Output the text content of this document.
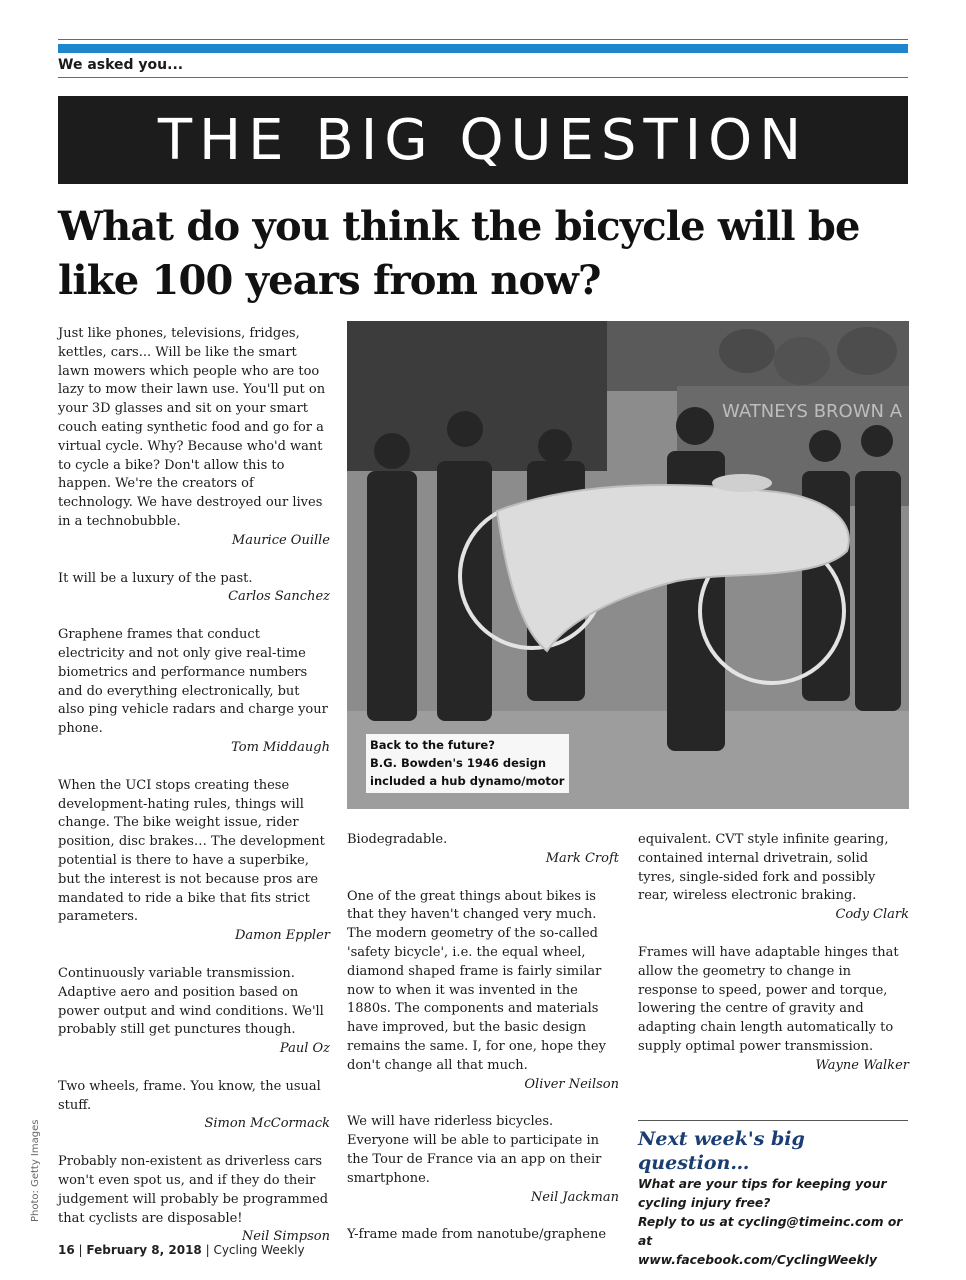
We asked you...
THE BIG QUESTION
What do you think the bicycle will be
like 100 years from now?

Just like phones, televisions, fridges, kettles, cars... Will be like the smart lawn mowers which people who are too lazy to mow their lawn use. You'll put on your 3D glasses and sit on your smart couch eating synthetic food and go for a virtual cycle. Why? Because who'd want to cycle a bike? Don't allow this to happen. We're the creators of technology. We have destroyed our lives in a technobubble.

Maurice Ouille

It will be a luxury of the past.

Carlos Sanchez

Graphene frames that conduct electricity and not only give real-time biometrics and performance numbers and do everything electronically, but also ping vehicle radars and charge your phone.

Tom Middaugh

When the UCI stops creating these development-hating rules, things will change. The bike weight issue, rider position, disc brakes… The development potential is there to have a superbike, but the interest is not because pros are mandated to ride a bike that fits strict parameters.

Damon Eppler

Continuously variable transmission. Adaptive aero and position based on power output and wind conditions. We'll probably still get punctures though.

Paul Oz

Two wheels, frame. You know, the usual stuff.

Simon McCormack

Probably non-existent as driverless cars won't even spot us, and if they do their judgement will probably be programmed that cyclists are disposable!

Neil Simpson

WATNEYS BROWN A
Back to the future?
B.G. Bowden's 1946 design
included a hub dynamo/motor

Biodegradable.

Mark Croft

One of the great things about bikes is that they haven't changed very much. The modern geometry of the so-called 'safety bicycle', i.e. the equal wheel, diamond shaped frame is fairly similar now to when it was invented in the 1880s. The components and materials have improved, but the basic design remains the same. I, for one, hope they don't change all that much.

Oliver Neilson

We will have riderless bicycles. Everyone will be able to participate in the Tour de France via an app on their smartphone.

Neil Jackman

Y-frame made from nanotube/graphene

equivalent. CVT style infinite gearing, contained internal drivetrain, solid tyres, single-sided fork and possibly rear, wireless electronic braking.

Cody Clark

Frames will have adaptable hinges that allow the geometry to change in response to speed, power and torque, lowering the centre of gravity and adapting chain length automatically to supply optimal power transmission.

Wayne Walker

Next week's big question…
What are your tips for keeping your
cycling injury free?
Reply to us at cycling@timeinc.com or at
www.facebook.com/CyclingWeekly
Photo: Getty Images
16 | February 8, 2018 | Cycling Weekly
